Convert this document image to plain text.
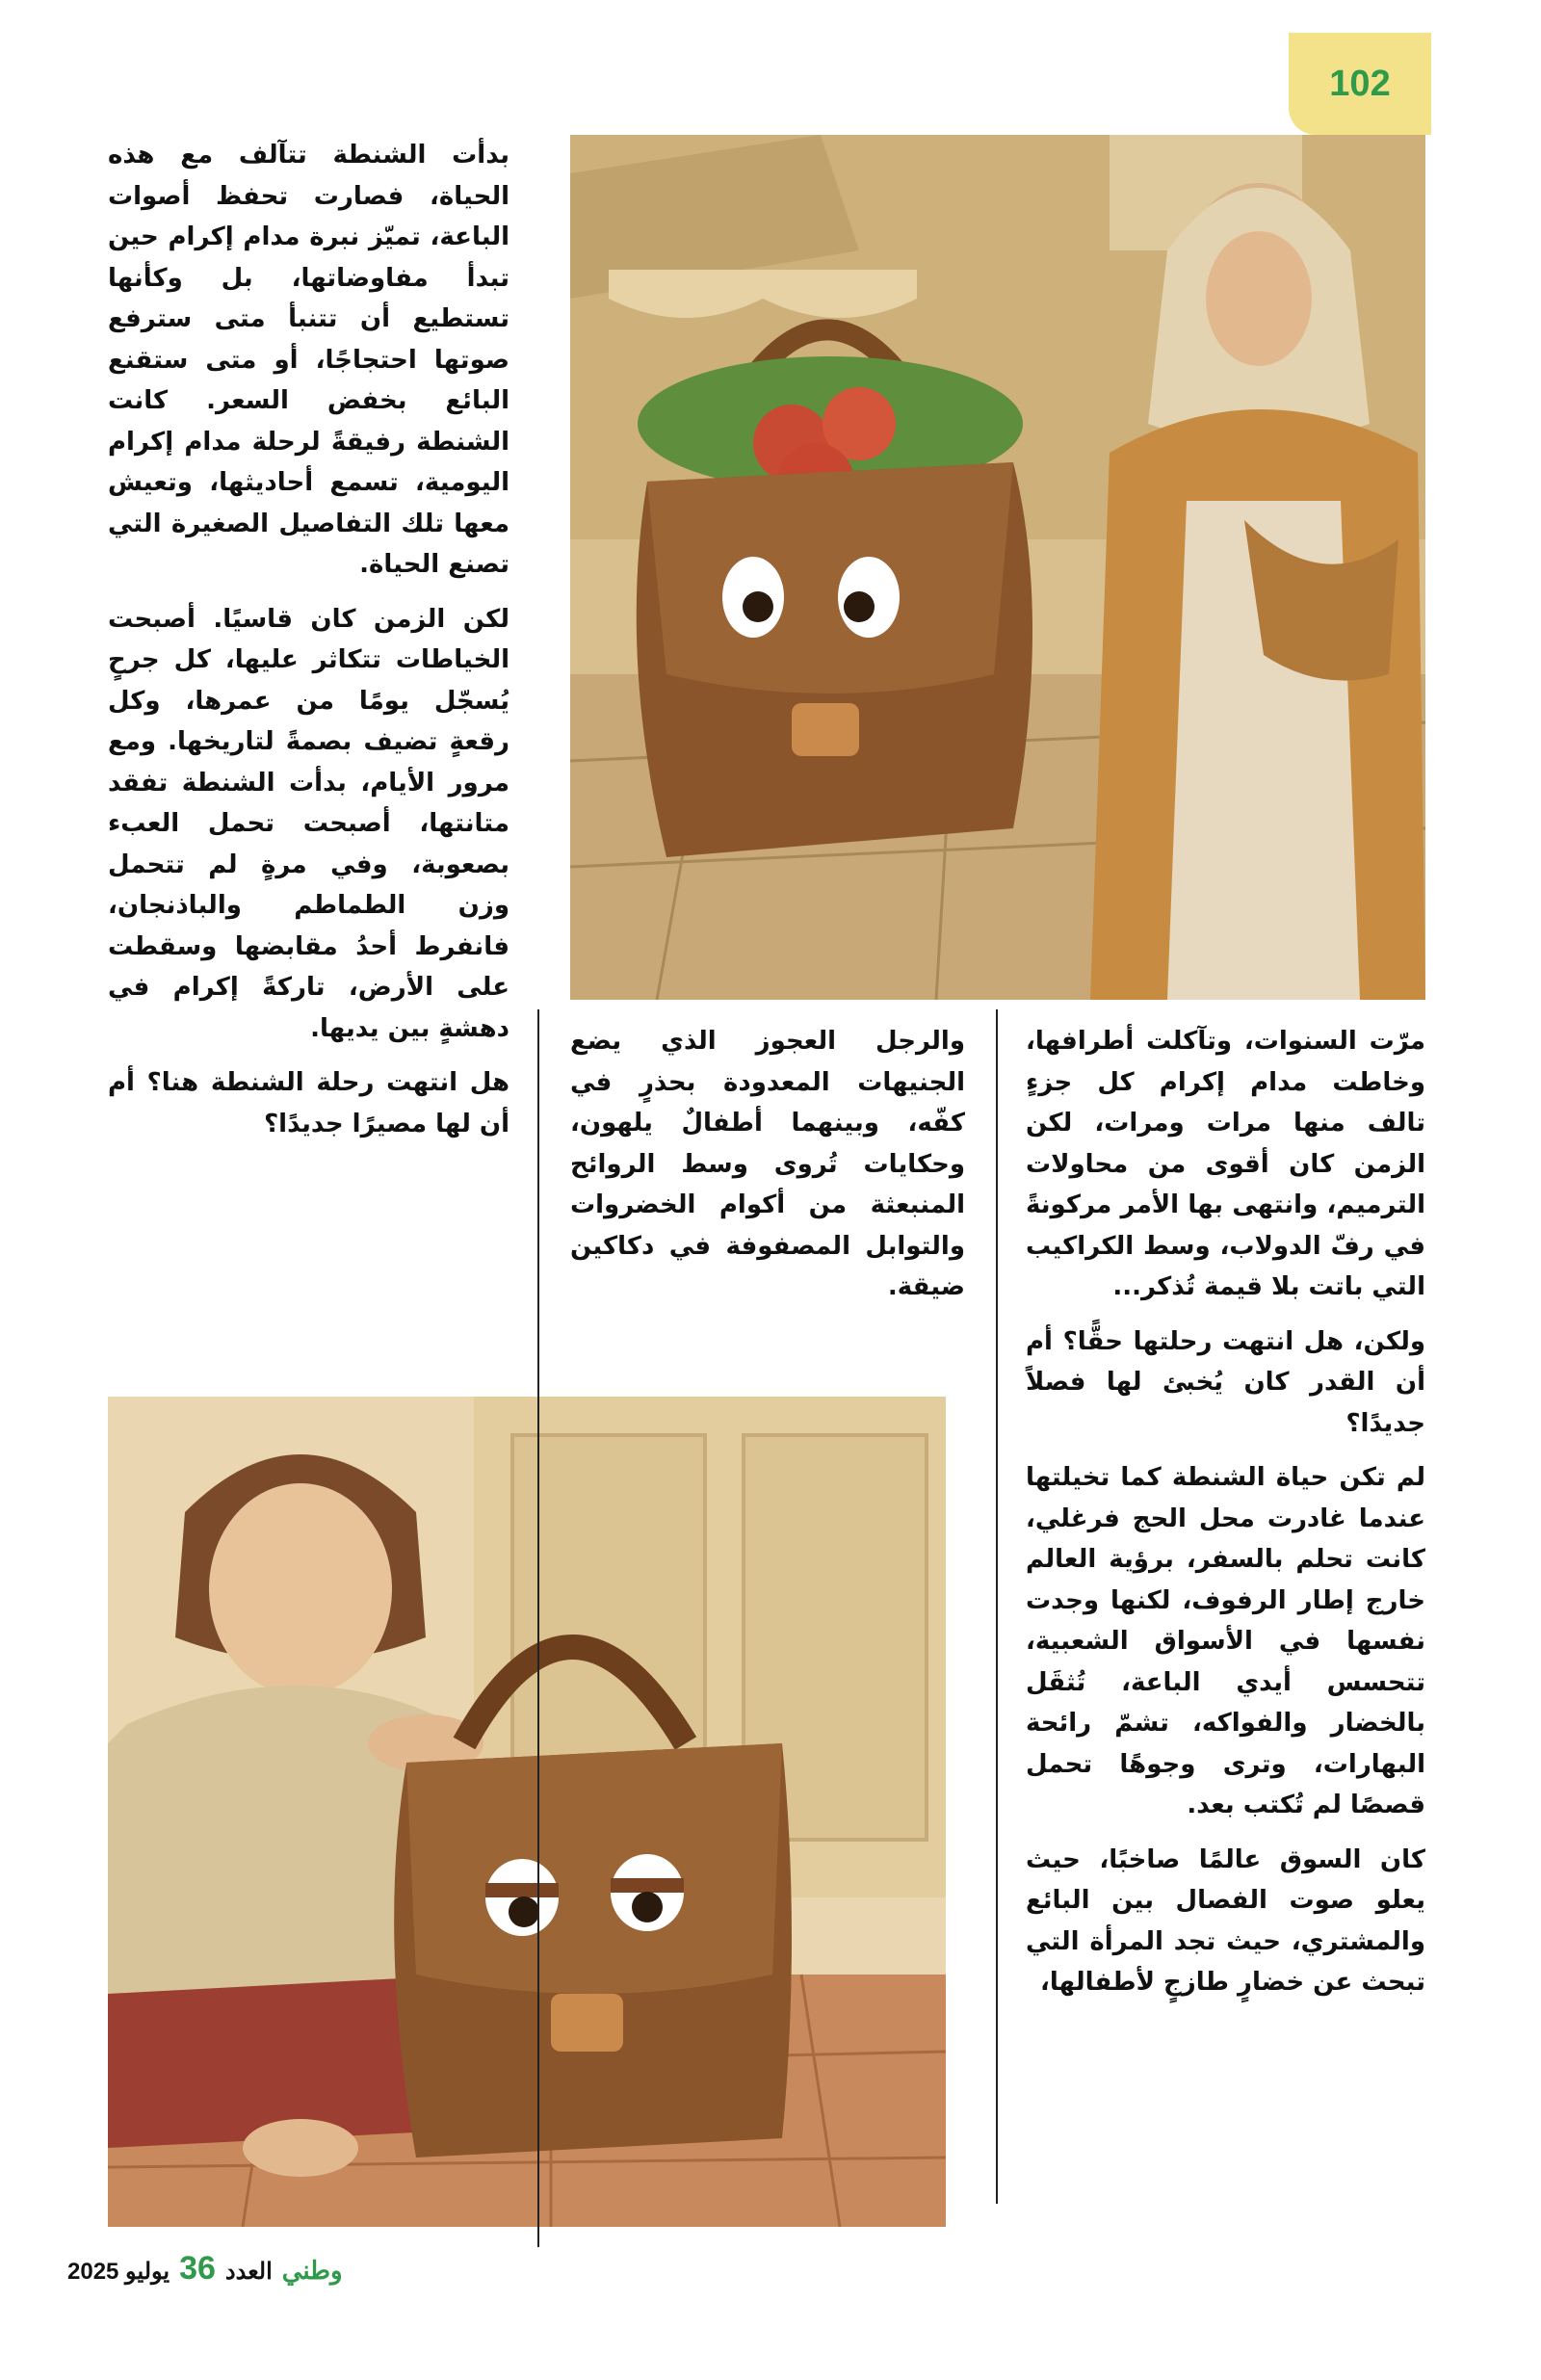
102

بدأت الشنطة تتآلف مع هذه الحياة، فصارت تحفظ أصوات الباعة، تميّز نبرة مدام إكرام حين تبدأ مفاوضاتها، بل وكأنها تستطيع أن تتنبأ متى سترفع صوتها احتجاجًا، أو متى ستقنع البائع بخفض السعر. كانت الشنطة رفيقةً لرحلة مدام إكرام اليومية، تسمع أحاديثها، وتعيش معها تلك التفاصيل الصغيرة التي تصنع الحياة.

لكن الزمن كان قاسيًا. أصبحت الخياطات تتكاثر عليها، كل جرحٍ يُسجّل يومًا من عمرها، وكل رقعةٍ تضيف بصمةً لتاريخها. ومع مرور الأيام، بدأت الشنطة تفقد متانتها، أصبحت تحمل العبء بصعوبة، وفي مرةٍ لم تتحمل وزن الطماطم والباذنجان، فانفرط أحدُ مقابضها وسقطت على الأرض، تاركةً إكرام في دهشةٍ بين يديها.

هل انتهت رحلة الشنطة هنا؟ أم أن لها مصيرًا جديدًا؟

والرجل العجوز الذي يضع الجنيهات المعدودة بحذرٍ في كفّه، وبينهما أطفالٌ يلهون، وحكايات تُروى وسط الروائح المنبعثة من أكوام الخضروات والتوابل المصفوفة في دكاكين ضيقة.

مرّت السنوات، وتآكلت أطرافها، وخاطت مدام إكرام كل جزءٍ تالف منها مرات ومرات، لكن الزمن كان أقوى من محاولات الترميم، وانتهى بها الأمر مركونةً في رفّ الدولاب، وسط الكراكيب التي باتت بلا قيمة تُذكر...

ولكن، هل انتهت رحلتها حقًّا؟ أم أن القدر كان يُخبئ لها فصلاً جديدًا؟

لم تكن حياة الشنطة كما تخيلتها عندما غادرت محل الحج فرغلي، كانت تحلم بالسفر، برؤية العالم خارج إطار الرفوف، لكنها وجدت نفسها في الأسواق الشعبية، تتحسس أيدي الباعة، تُثقَل بالخضار والفواكه، تشمّ رائحة البهارات، وترى وجوهًا تحمل قصصًا لم تُكتب بعد.

كان السوق عالمًا صاخبًا، حيث يعلو صوت الفصال بين البائع والمشتري، حيث تجد المرأة التي تبحث عن خضارٍ طازجٍ لأطفالها،

وطني
العدد
36
يوليو 2025
